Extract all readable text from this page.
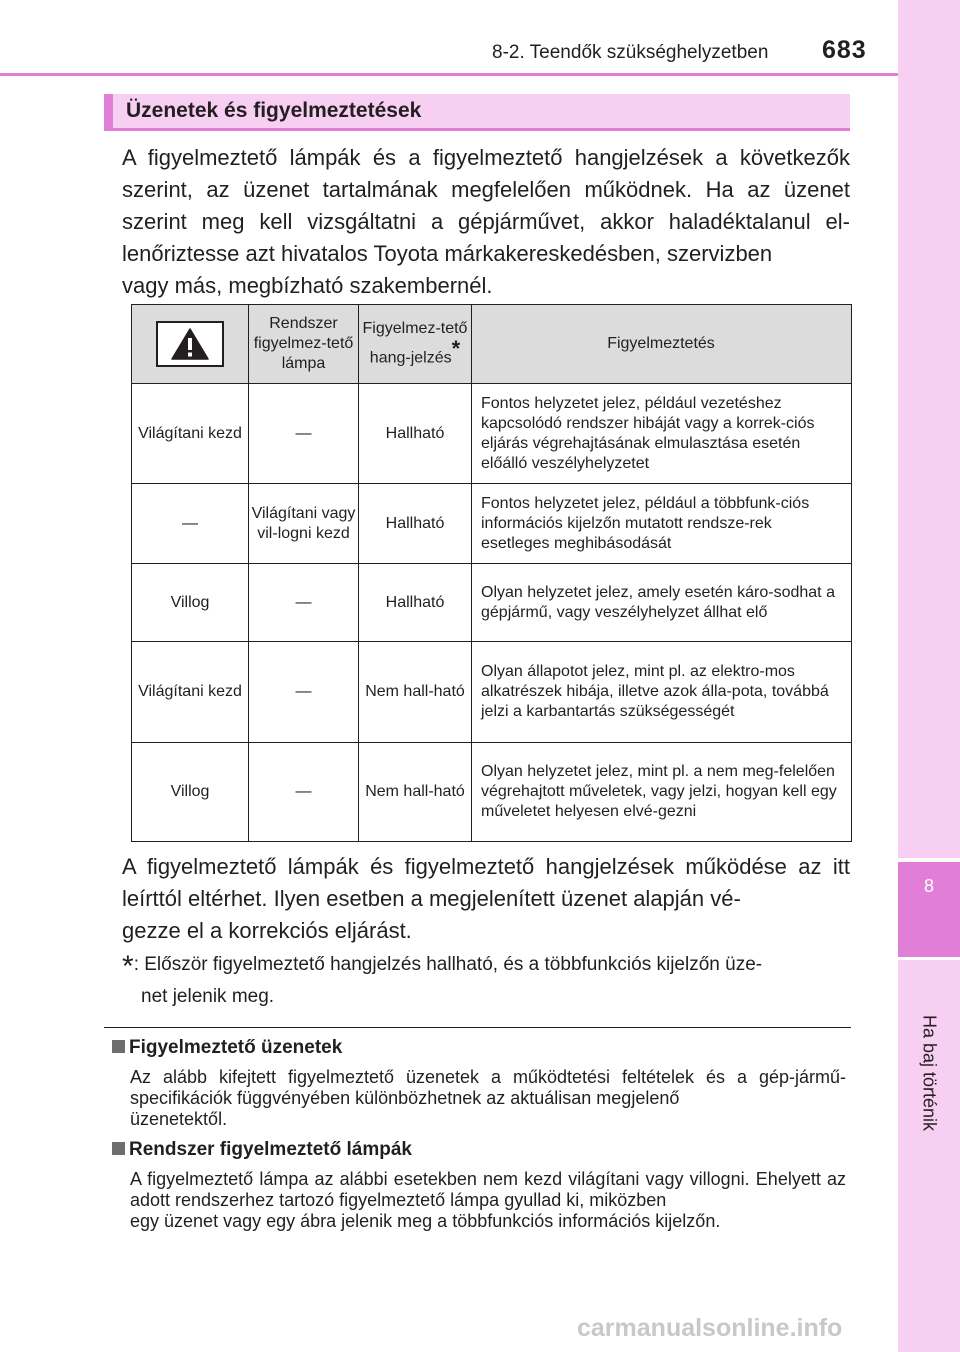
8-2. Teendők szükséghelyzetben 683
8
Ha baj történik
Üzenetek és figyelmeztetések
A figyelmeztető lámpák és a figyelmeztető hangjelzések a következők szerint, az üzenet tartalmának megfelelően működnek. Ha az üzenet szerint meg kell vizsgáltatni a gépjárművet, akkor haladéktalanul el-lenőriztesse azt hivatalos Toyota márkakereskedésben, szervizben
vagy más, megbízható szakembernél.
	Rendszer figyelmez-tető lámpa	Figyelmez-tető hang-jelzés*	Figyelmeztetés
Világítani kezd	—	Hallható	Fontos helyzetet jelez, például vezetéshez kapcsolódó rendszer hibáját vagy a korrek-ciós eljárás végrehajtásának elmulasztása esetén előálló veszélyhelyzetet
—	Világítani vagy vil-logni kezd	Hallható	Fontos helyzetet jelez, például a többfunk-ciós információs kijelzőn mutatott rendsze-rek esetleges meghibásodását
Villog	—	Hallható	Olyan helyzetet jelez, amely esetén káro-sodhat a gépjármű, vagy veszélyhelyzet állhat elő
Világítani kezd	—	Nem hall-ható	Olyan állapotot jelez, mint pl. az elektro-mos alkatrészek hibája, illetve azok álla-pota, továbbá jelzi a karbantartás szükségességét
Villog	—	Nem hall-ható	Olyan helyzetet jelez, mint pl. a nem meg-felelően végrehajtott műveletek, vagy jelzi, hogyan kell egy műveletet helyesen elvé-gezni
A figyelmeztető lámpák és figyelmeztető hangjelzések működése az itt leírttól eltérhet. Ilyen esetben a megjelenített üzenet alapján vé-
gezze el a korrekciós eljárást.
*: Először figyelmeztető hangjelzés hallható, és a többfunkciós kijelzőn üze-
net jelenik meg.
Figyelmeztető üzenetek
Az alább kifejtett figyelmeztető üzenetek a működtetési feltételek és a gép-jármű-specifikációk függvényében különbözhetnek az aktuálisan megjelenő
üzenetektől.
Rendszer figyelmeztető lámpák
A figyelmeztető lámpa az alábbi esetekben nem kezd világítani vagy villogni. Ehelyett az adott rendszerhez tartozó figyelmeztető lámpa gyullad ki, miközben
egy üzenet vagy egy ábra jelenik meg a többfunkciós információs kijelzőn.
carmanualsonline.info
